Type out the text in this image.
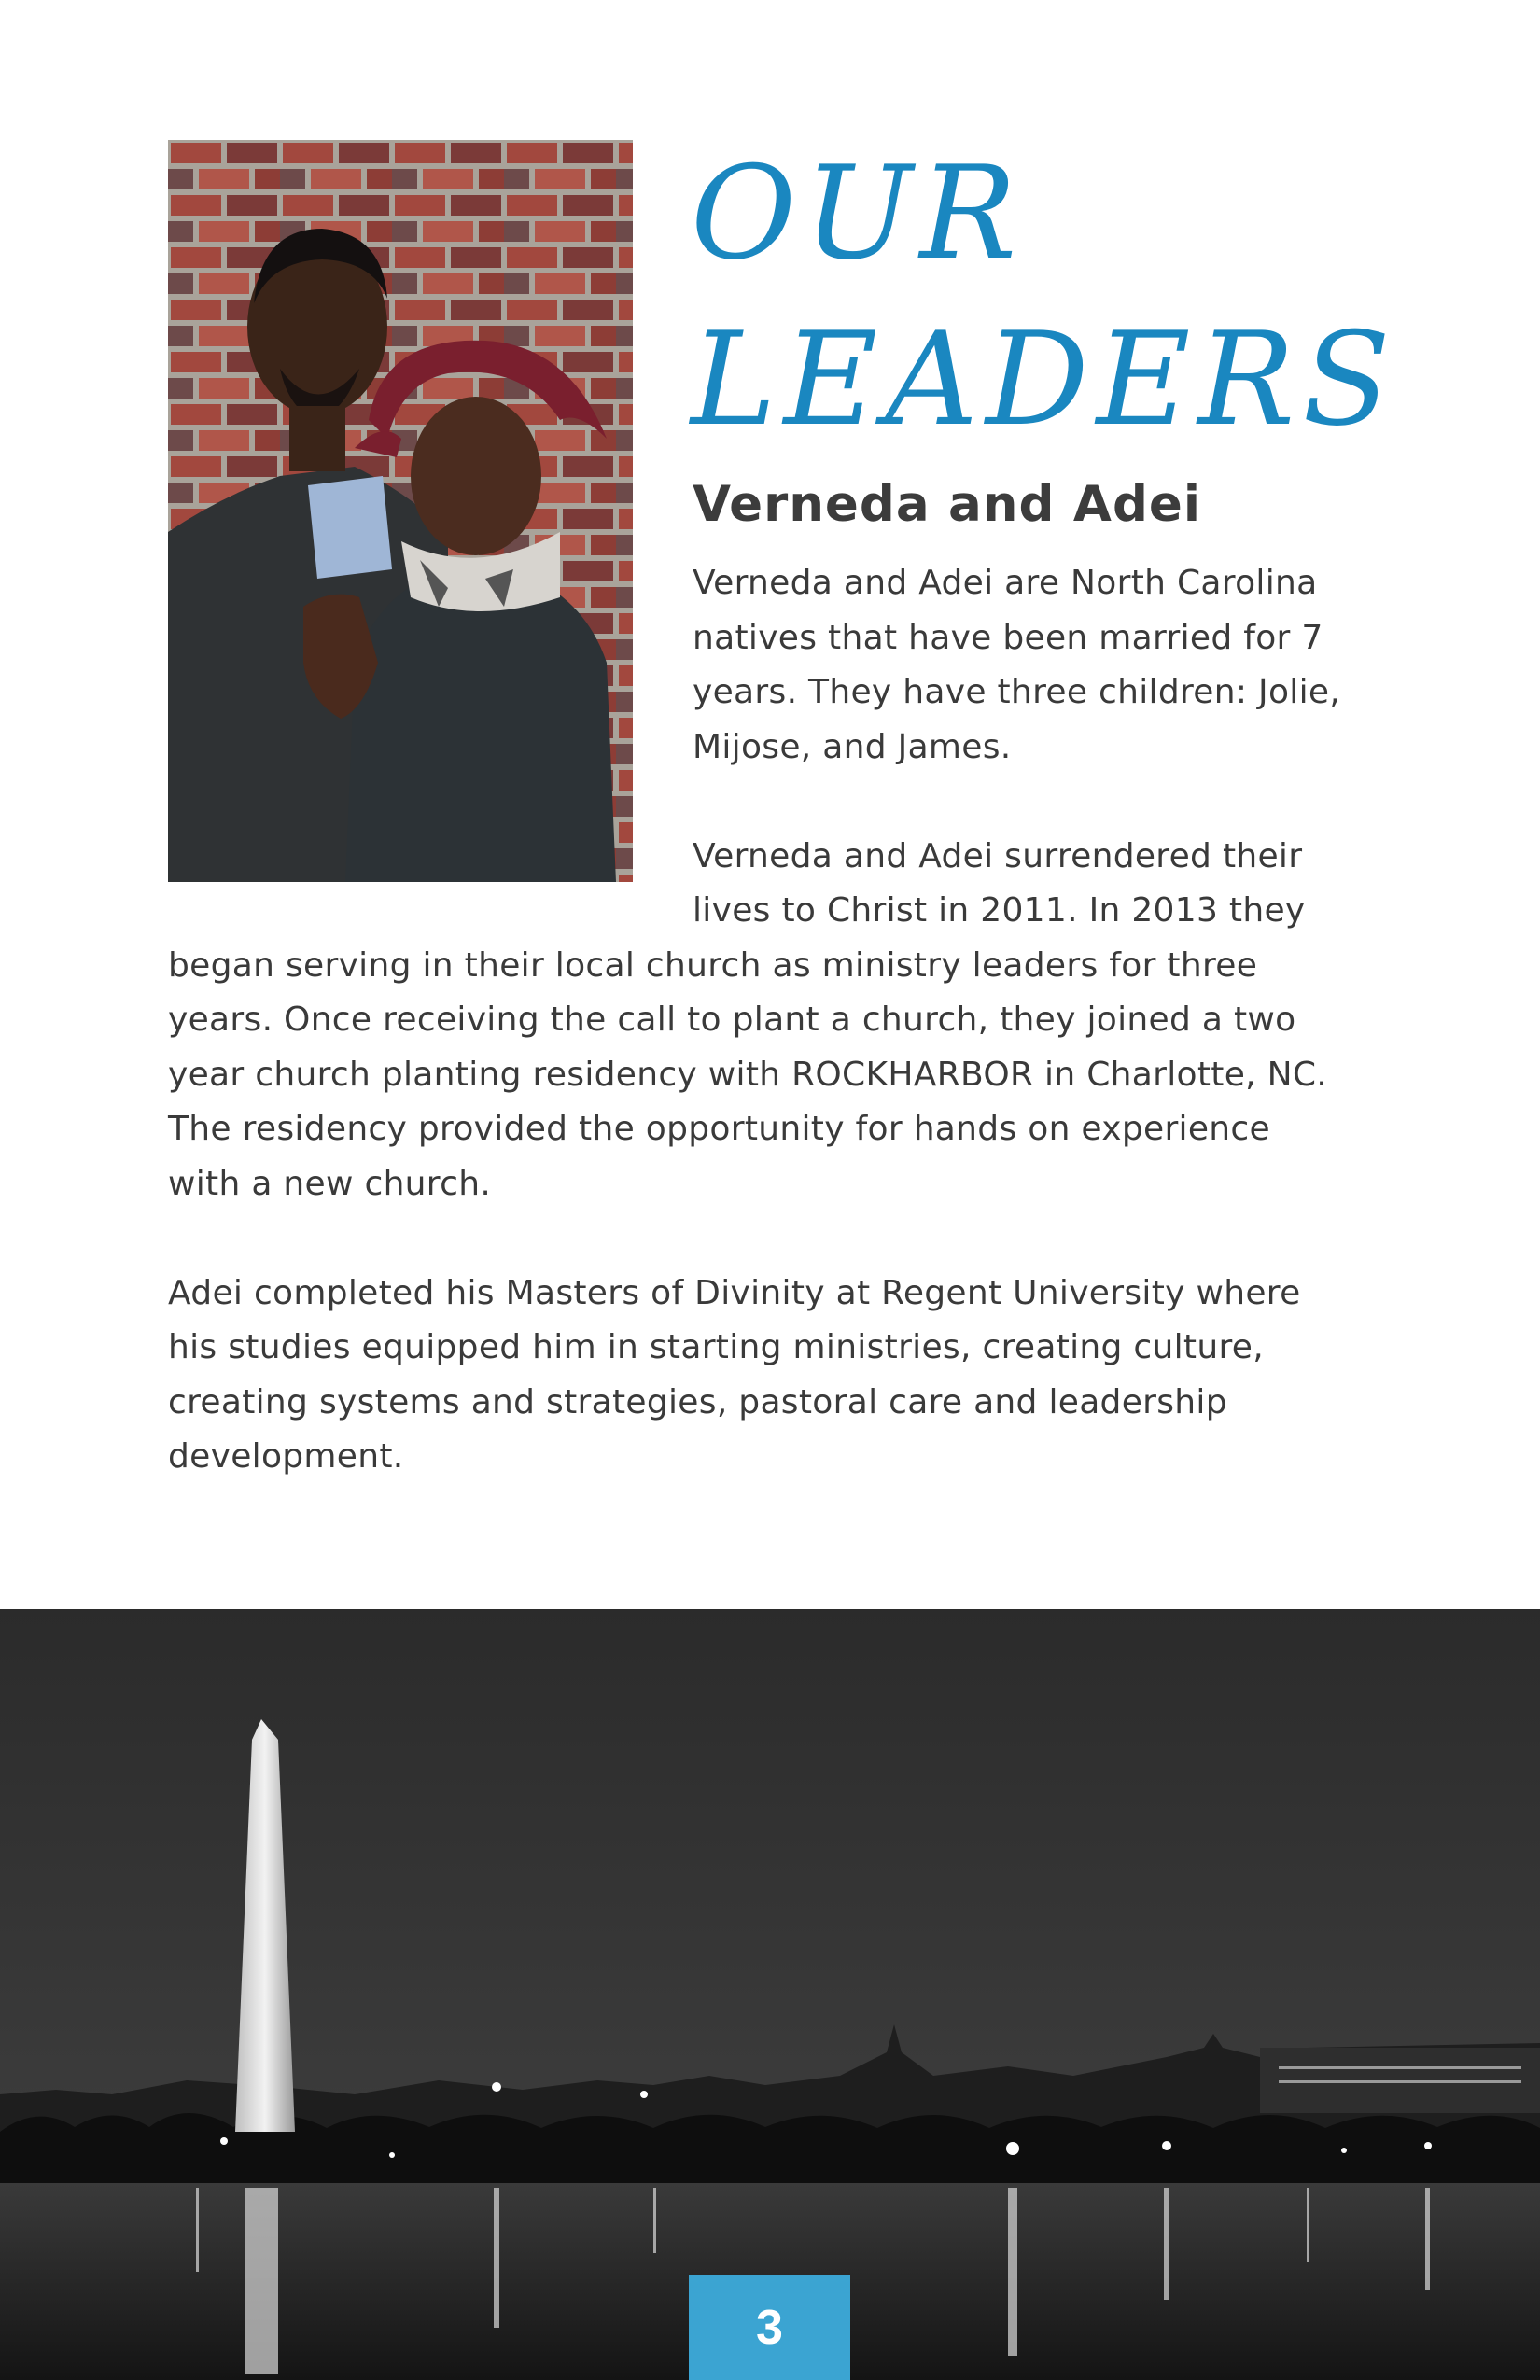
OUR
LEADERS
Verneda and Adei

Verneda and Adei are North Carolina natives that have been married for 7 years. They have three children: Jolie, Mijose, and James.

Verneda and Adei surrendered their lives to Christ in 2011. In 2013 they began serving in their local church as ministry leaders for three years. Once receiving the call to plant a church, they joined a two year church planting residency with ROCKHARBOR in Charlotte, NC. The residency provided the opportunity for hands on experience with a new church.

Adei completed his Masters of Divinity at Regent University where his studies equipped him in starting ministries, creating culture, creating systems and strategies, pastoral care and leadership development.

3
